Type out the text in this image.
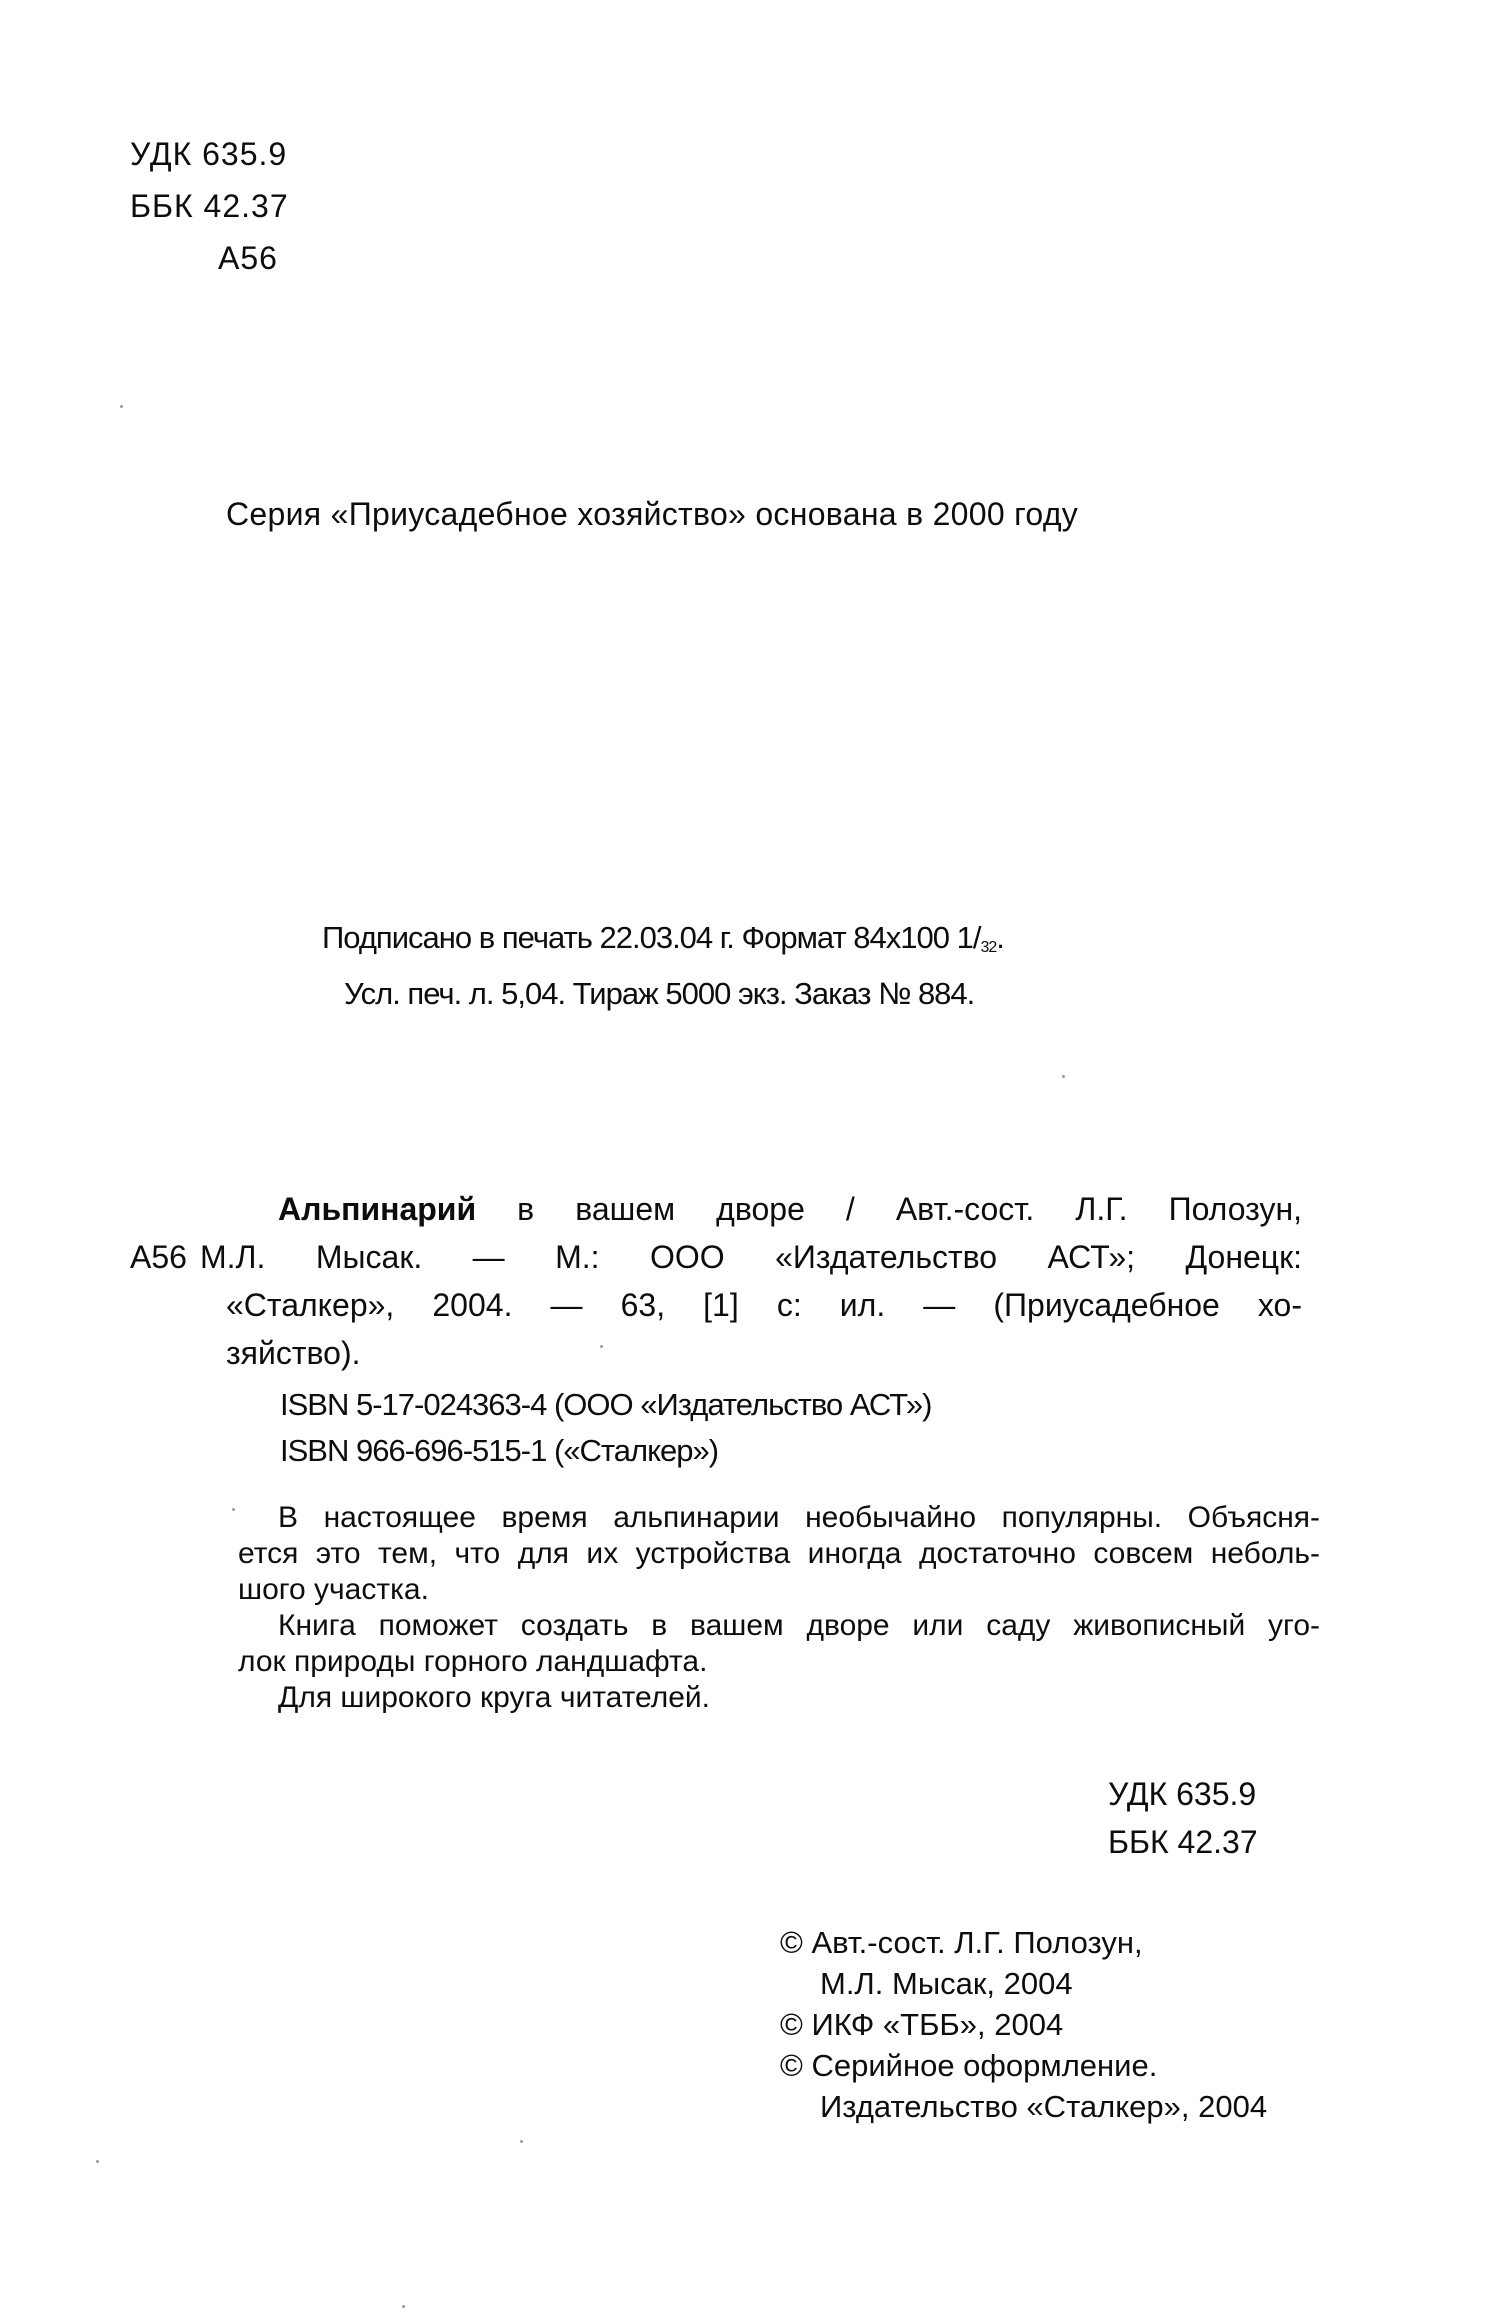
УДК 635.9
ББК 42.37
А56
Серия «Приусадебное хозяйство» основана в 2000 году
Подписано в печать 22.03.04 г. Формат 84х100 1/32.
Усл. печ. л. 5,04. Тираж 5000 экз. Заказ № 884.
Альпинарий в вашем дворе / Авт.-сост. Л.Г. Полозун,
А56 М.Л. Мысак. — М.: ООО «Издательство АСТ»; Донецк:
«Сталкер», 2004. — 63, [1] с: ил. — (Приусадебное хо-
зяйство).
ISBN 5-17-024363-4 (ООО «Издательство АСТ»)
ISBN 966-696-515-1 («Сталкер»)
В настоящее время альпинарии необычайно популярны. Объясня-
ется это тем, что для их устройства иногда достаточно совсем неболь-
шого участка.
Книга поможет создать в вашем дворе или саду живописный уго-
лок природы горного ландшафта.
Для широкого круга читателей.
УДК 635.9
ББК 42.37
© Авт.-сост. Л.Г. Полозун,
М.Л. Мысак, 2004
© ИКФ «ТББ», 2004
© Серийное оформление.
Издательство «Сталкер», 2004
